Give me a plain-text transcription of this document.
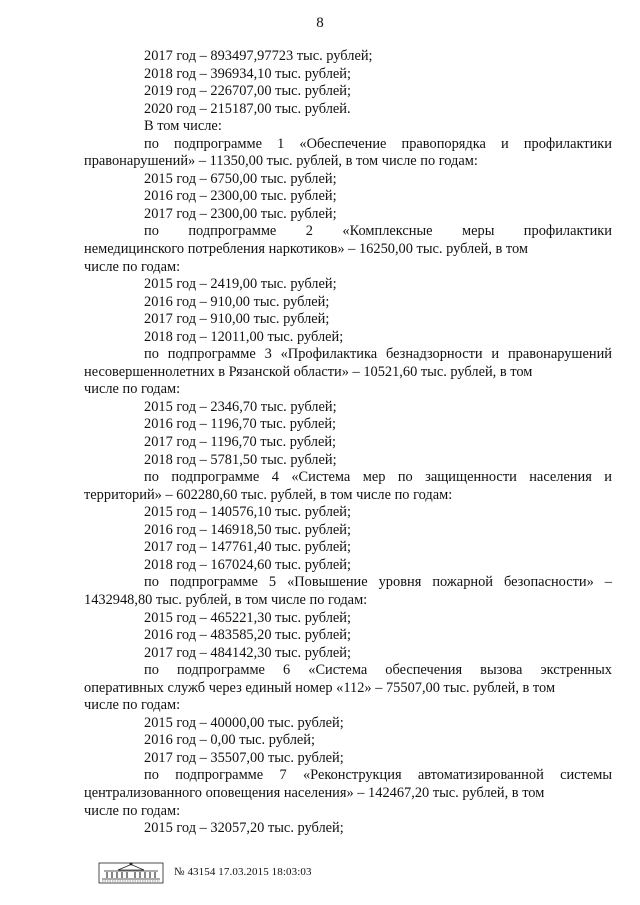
8
2017 год – 893497,97723 тыс. рублей;
2018 год – 396934,10 тыс. рублей;
2019 год – 226707,00 тыс. рублей;
2020 год – 215187,00 тыс. рублей.
В том числе:
по подпрограмме 1 «Обеспечение правопорядка и профилактики
правонарушений» – 11350,00 тыс. рублей, в том числе по годам:
2015 год – 6750,00 тыс. рублей;
2016 год – 2300,00 тыс. рублей;
2017 год – 2300,00 тыс. рублей;
по подпрограмме 2 «Комплексные меры профилактики
немедицинского потребления наркотиков» – 16250,00 тыс. рублей, в том
числе по годам:
2015 год – 2419,00 тыс. рублей;
2016 год – 910,00 тыс. рублей;
2017 год – 910,00 тыс. рублей;
2018 год – 12011,00 тыс. рублей;
по подпрограмме 3 «Профилактика безнадзорности и правонарушений
несовершеннолетних в Рязанской области» – 10521,60 тыс. рублей, в том
числе по годам:
2015 год – 2346,70 тыс. рублей;
2016 год – 1196,70 тыс. рублей;
2017 год – 1196,70 тыс. рублей;
2018 год – 5781,50 тыс. рублей;
по подпрограмме 4 «Система мер по защищенности населения и
территорий» – 602280,60 тыс. рублей, в том числе по годам:
2015 год – 140576,10 тыс. рублей;
2016 год – 146918,50 тыс. рублей;
2017 год – 147761,40 тыс. рублей;
2018 год – 167024,60 тыс. рублей;
по подпрограмме 5 «Повышение уровня пожарной безопасности» –
1432948,80 тыс. рублей, в том числе по годам:
2015 год – 465221,30 тыс. рублей;
2016 год – 483585,20 тыс. рублей;
2017 год – 484142,30 тыс. рублей;
по подпрограмме 6 «Система обеспечения вызова экстренных
оперативных служб через единый номер «112» – 75507,00 тыс. рублей, в том
числе по годам:
2015 год – 40000,00 тыс. рублей;
2016 год – 0,00 тыс. рублей;
2017 год – 35507,00 тыс. рублей;
по подпрограмме 7 «Реконструкция автоматизированной системы
централизованного оповещения населения» – 142467,20 тыс. рублей, в том
числе по годам:
2015 год – 32057,20 тыс. рублей;
№ 43154 17.03.2015 18:03:03
